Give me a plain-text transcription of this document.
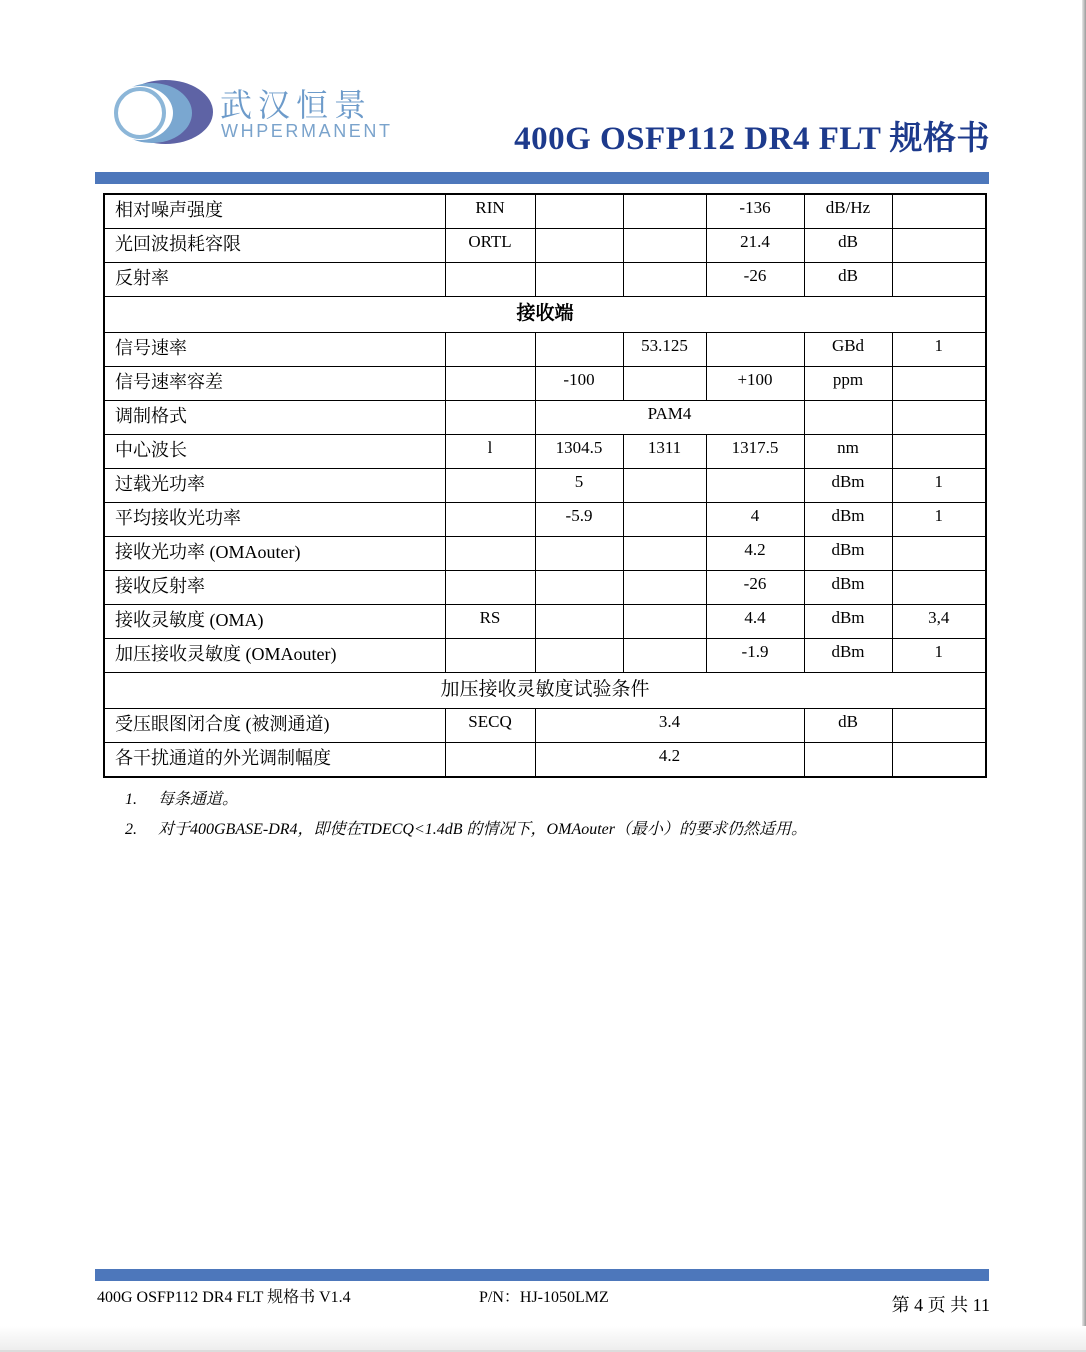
武汉恒景
WHPERMANENT	400G OSFP112 DR4 FLT 规格书
相对噪声强度	RIN			-136	dB/Hz	
光回波损耗容限	ORTL			21.4	dB	
反射率				-26	dB	
接收端						
信号速率			53.125		GBd	1
信号速率容差		-100		+100	ppm	
调制格式		PAM4				
中心波长	l	1304.5	1311	1317.5	nm	
过载光功率		5			dBm	1
平均接收光功率		-5.9		4	dBm	1
接收光功率 (OMAouter)				4.2	dBm	
接收反射率				-26	dBm	
接收灵敏度 (OMA)	RS			4.4	dBm	3,4
加压接收灵敏度 (OMAouter)				-1.9	dBm	1
加压接收灵敏度试验条件						
受压眼图闭合度 (被测通道)	SECQ	3.4			dB	
各干扰通道的外光调制幅度		4.2				
1. 每条通道。
2. 对于400GBASE-DR4，即使在TDECQ<1.4dB 的情况下，OMAouter（最小）的要求仍然适用。
400G OSFP112 DR4 FLT 规格书 V1.4	P/N：HJ-1050LMZ	第 4 页 共 11
